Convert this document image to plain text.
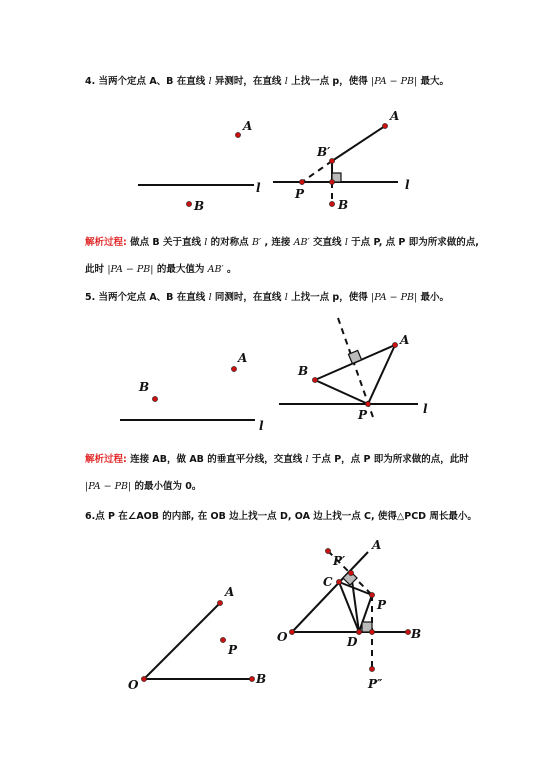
4. 当两个定点 A、B 在直线 l 异测时，在直线 l 上找一点 p，使得 |PA − PB| 最大。
解析过程: 做点 B 关于直线 l 的对称点 B′ , 连接 AB′ 交直线 l 于点 P, 点 P 即为所求做的点,
此时 |PA − PB| 的最大值为 AB′ 。
5. 当两个定点 A、B 在直线 l 同测时，在直线 l 上找一点 p，使得 |PA − PB| 最小。
解析过程: 连接 AB，做 AB 的垂直平分线，交直线 l 于点 P，点 P 即为所求做的点，此时
|PA − PB| 的最小值为 0。
6.点 P 在∠AOB 的内部, 在 OB 边上找一点 D, OA 边上找一点 C, 使得△PCD 周长最小。
A
B
l
A
B′
P
B
l
A
B
l
A
B
P	l
A
P
O	B
A
P′
C
P
O	D
B
P″
